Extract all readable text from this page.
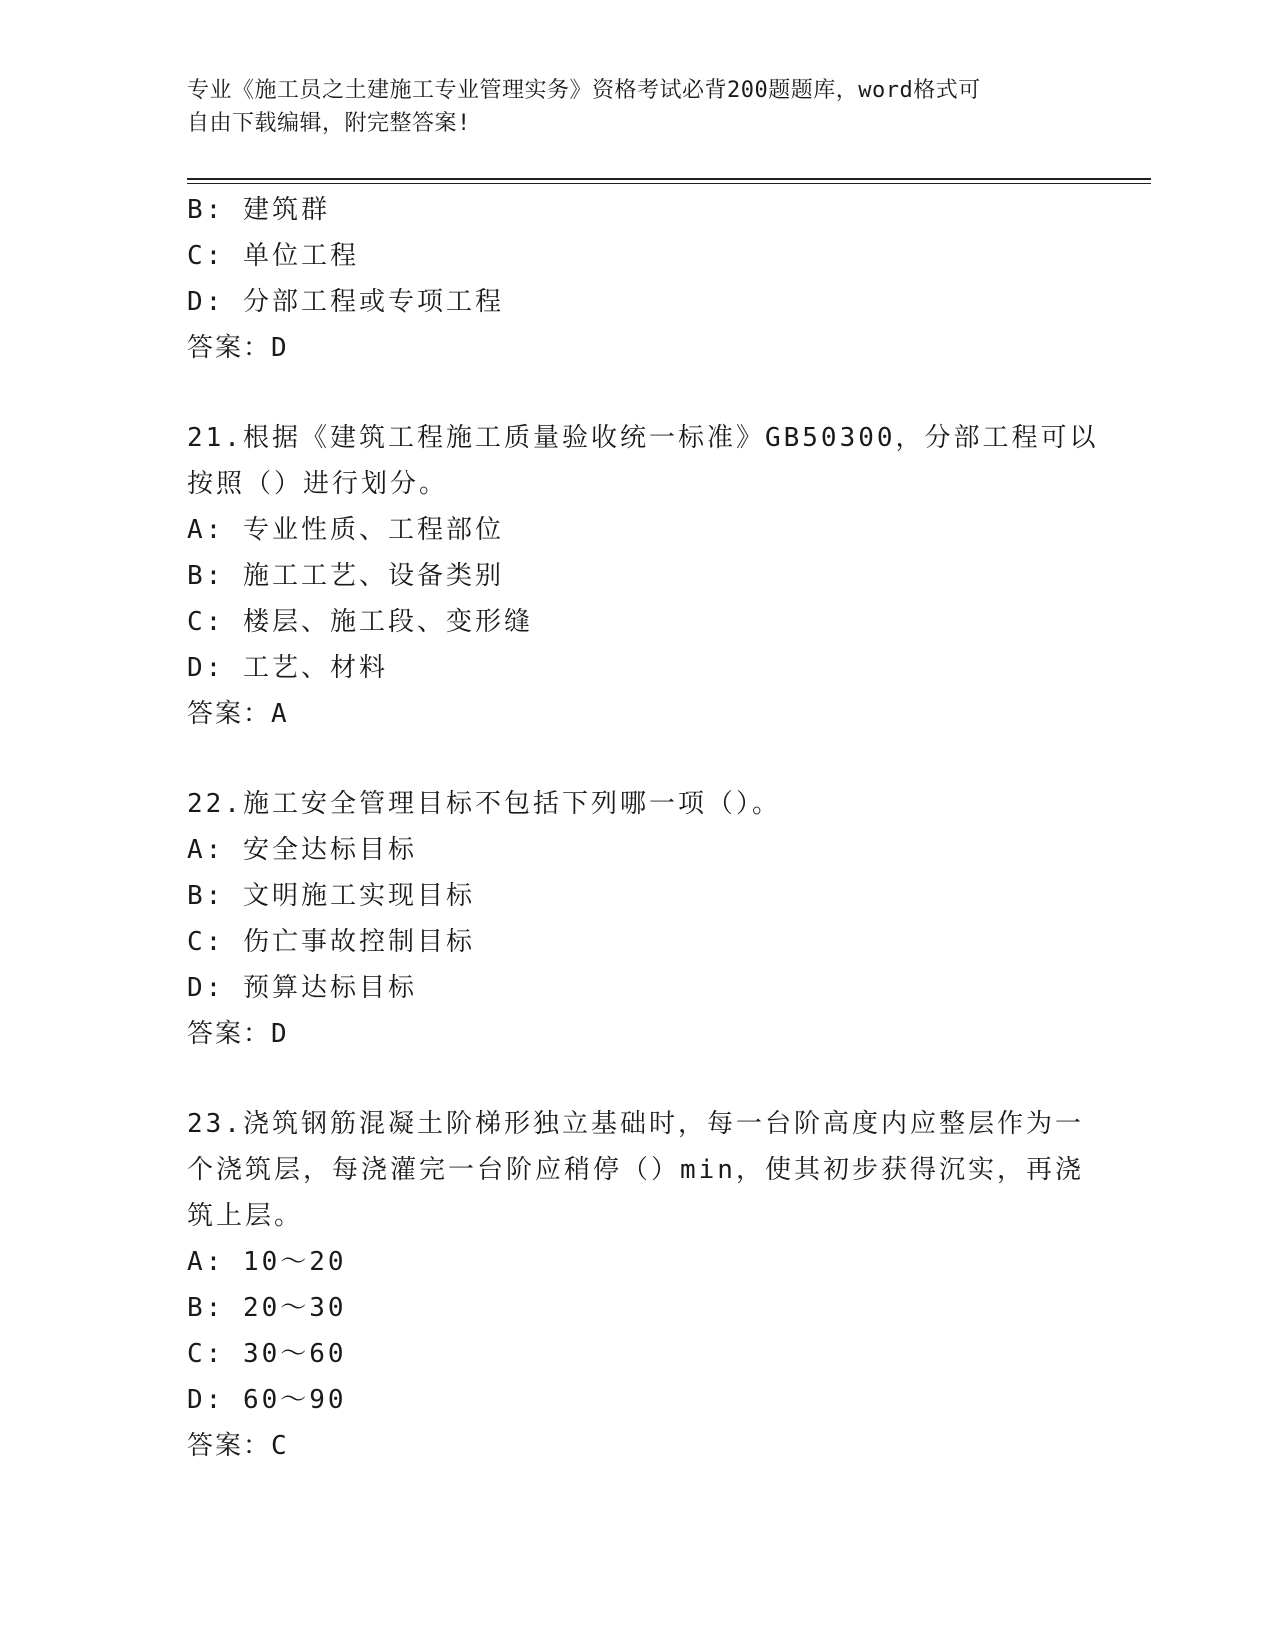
专业《施工员之土建施工专业管理实务》资格考试必背200题题库，word格式可
自由下载编辑，附完整答案!
B: 建筑群
C: 单位工程
D: 分部工程或专项工程
答案：D
21.根据《建筑工程施工质量验收统一标准》GB50300，分部工程可以
按照（）进行划分。
A: 专业性质、工程部位
B: 施工工艺、设备类别
C: 楼层、施工段、变形缝
D: 工艺、材料
答案：A
22.施工安全管理目标不包括下列哪一项（）。
A: 安全达标目标
B: 文明施工实现目标
C: 伤亡事故控制目标
D: 预算达标目标
答案：D
23.浇筑钢筋混凝土阶梯形独立基础时，每一台阶高度内应整层作为一
个浇筑层，每浇灌完一台阶应稍停（）min，使其初步获得沉实，再浇
筑上层。
A: 10～20
B: 20～30
C: 30～60
D: 60～90
答案：C
